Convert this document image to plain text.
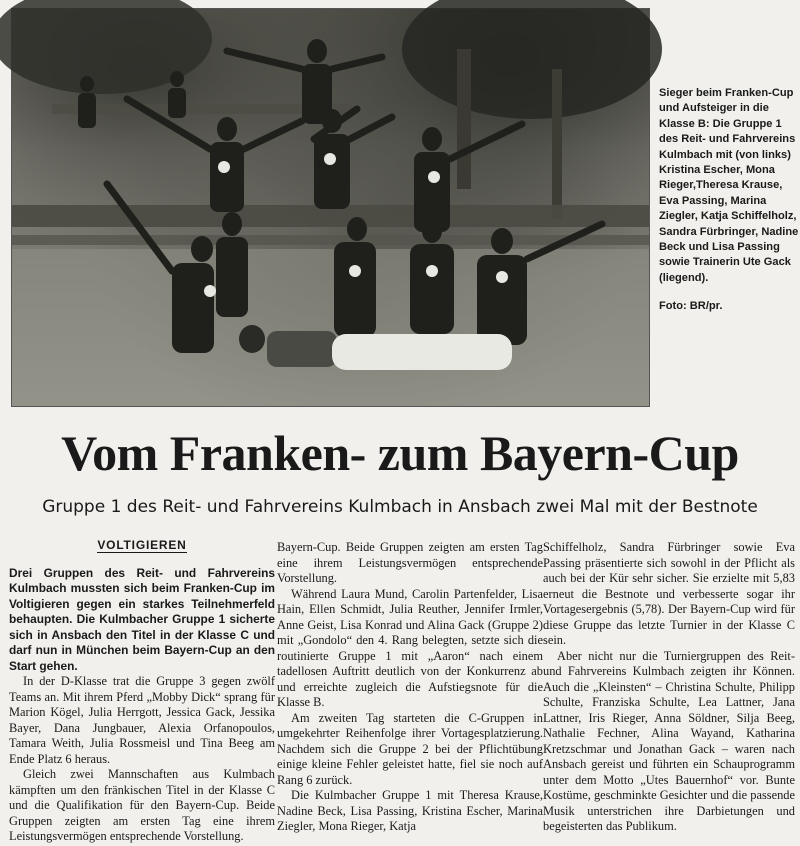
Sieger beim Franken-Cup und Aufsteiger in die Klasse B: Die Gruppe 1 des Reit- und Fahrvereins Kulmbach mit (von links) Kristina Escher, Mona Rieger,Theresa Krause, Eva Passing, Marina Ziegler, Katja Schiffelholz, Sandra Fürbringer, Nadine Beck und Lisa Passing sowie Trainerin Ute Gack (liegend).
Foto: BR/pr.
Vom Franken- zum Bayern-Cup
Gruppe 1 des Reit- und Fahrvereins Kulmbach in Ansbach zwei Mal mit der Bestnote
VOLTIGIEREN

Drei Gruppen des Reit- und Fahrvereins Kulmbach mussten sich beim Franken-Cup im Voltigieren gegen ein starkes Teilnehmerfeld behaupten. Die Kulmbacher Gruppe 1 sicherte sich in Ansbach den Titel in der Klasse C und darf nun in München beim Bayern-Cup an den Start gehen.

In der D-Klasse trat die Gruppe 3 gegen zwölf Teams an. Mit ihrem Pferd „Mobby Dick“ sprang für Marion Kögel, Julia Herrgott, Jessica Gack, Jessika Bayer, Dana Jungbauer, Alexia Orfanopoulos, Tamara Weith, Julia Rossmeisl und Tina Beeg am Ende Platz 6 heraus.

Gleich zwei Mannschaften aus Kulmbach kämpften um den fränkischen Titel in der Klasse C und die Qualifikation für den Bayern-Cup. Beide Gruppen zeigten am ersten Tag eine ihrem Leistungsvermögen entsprechende Vorstellung.

Bayern-Cup. Beide Gruppen zeigten am ersten Tag eine ihrem Leistungsvermögen entsprechende Vorstellung.

Während Laura Mund, Carolin Partenfelder, Lisa Hain, Ellen Schmidt, Julia Reuther, Jennifer Irmler, Anne Geist, Lisa Konrad und Alina Gack (Gruppe 2) mit „Gondolo“ den 4. Rang belegten, setzte sich die routinierte Gruppe 1 mit „Aaron“ nach einem tadellosen Auftritt deutlich von der Konkurrenz ab und erreichte zugleich die Aufstiegsnote für die Klasse B.

Am zweiten Tag starteten die C-Gruppen in umgekehrter Reihenfolge ihrer Vortagesplatzierung. Nachdem sich die Gruppe 2 bei der Pflichtübung einige kleine Fehler geleistet hatte, fiel sie noch auf Rang 6 zurück.

Die Kulmbacher Gruppe 1 mit Theresa Krause, Nadine Beck, Lisa Passing, Kristina Escher, Marina Ziegler, Mona Rieger, Katja

Schiffelholz, Sandra Fürbringer sowie Eva Passing präsentierte sich sowohl in der Pflicht als auch bei der Kür sehr sicher. Sie erzielte mit 5,83 erneut die Bestnote und verbesserte sogar ihr Vortagesergebnis (5,78). Der Bayern-Cup wird für diese Gruppe das letzte Turnier in der Klasse C sein.

Aber nicht nur die Turniergruppen des Reit- und Fahrvereins Kulmbach zeigten ihr Können. Auch die „Kleinsten“ – Christina Schulte, Philipp Schulte, Franziska Schulte, Lea Lattner, Jana Lattner, Iris Rieger, Anna Söldner, Silja Beeg, Nathalie Fechner, Alina Wayand, Katharina Kretzschmar und Jonathan Gack – waren nach Ansbach gereist und führten ein Schauprogramm unter dem Motto „Utes Bauernhof“ vor. Bunte Kostüme, geschminkte Gesichter und die passende Musik unterstrichen ihre Darbietungen und begeisterten das Publikum.
